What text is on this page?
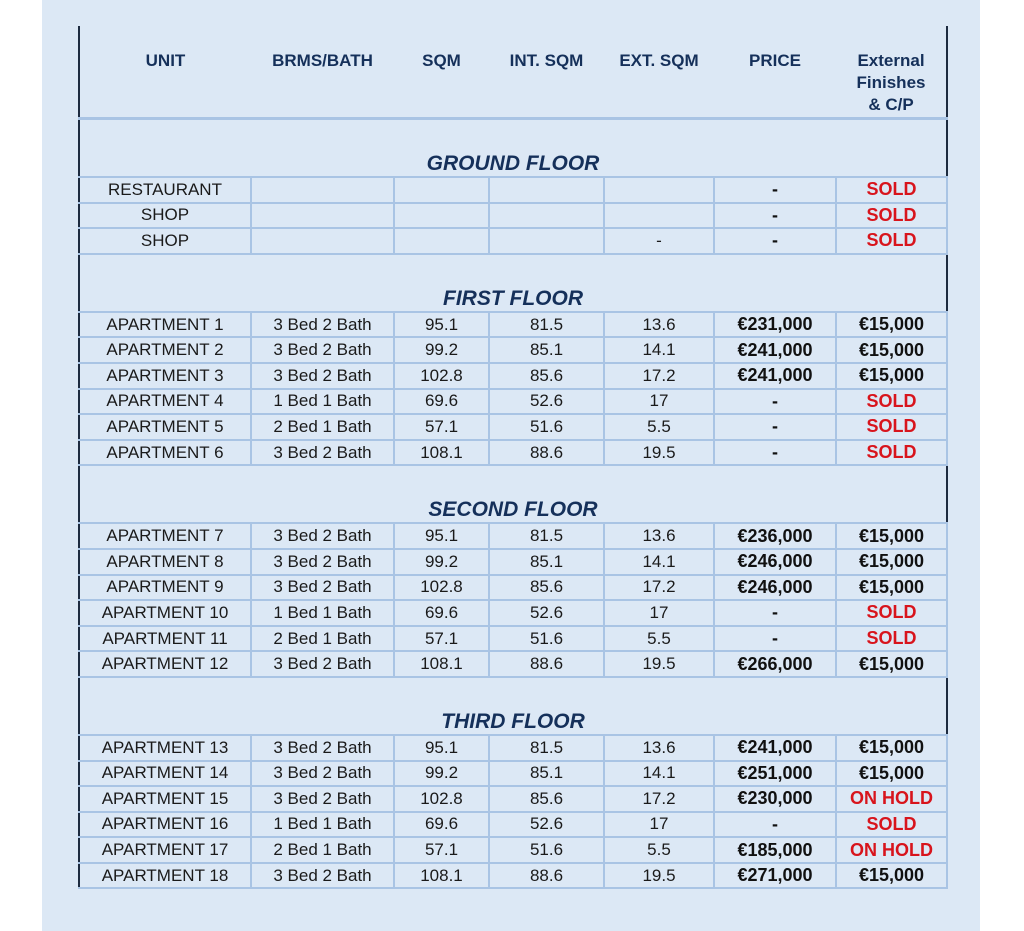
UNIT	BRMS/BATH	SQM	INT. SQM	EXT. SQM	PRICE	External
Finishes
& C/P

GROUND FLOOR						
RESTAURANT					-	SOLD
SHOP					-	SOLD
SHOP				-	-	SOLD

FIRST FLOOR						
APARTMENT 1	3 Bed 2 Bath	95.1	81.5	13.6	€231,000	€15,000
APARTMENT 2	3 Bed 2 Bath	99.2	85.1	14.1	€241,000	€15,000
APARTMENT 3	3 Bed 2 Bath	102.8	85.6	17.2	€241,000	€15,000
APARTMENT 4	1 Bed 1 Bath	69.6	52.6	17	-	SOLD
APARTMENT 5	2 Bed 1 Bath	57.1	51.6	5.5	-	SOLD
APARTMENT 6	3 Bed 2 Bath	108.1	88.6	19.5	-	SOLD

SECOND FLOOR						
APARTMENT 7	3 Bed 2 Bath	95.1	81.5	13.6	€236,000	€15,000
APARTMENT 8	3 Bed 2 Bath	99.2	85.1	14.1	€246,000	€15,000
APARTMENT 9	3 Bed 2 Bath	102.8	85.6	17.2	€246,000	€15,000
APARTMENT 10	1 Bed 1 Bath	69.6	52.6	17	-	SOLD
APARTMENT 11	2 Bed 1 Bath	57.1	51.6	5.5	-	SOLD
APARTMENT 12	3 Bed 2 Bath	108.1	88.6	19.5	€266,000	€15,000

THIRD FLOOR						
APARTMENT 13	3 Bed 2 Bath	95.1	81.5	13.6	€241,000	€15,000
APARTMENT 14	3 Bed 2 Bath	99.2	85.1	14.1	€251,000	€15,000
APARTMENT 15	3 Bed 2 Bath	102.8	85.6	17.2	€230,000	ON HOLD
APARTMENT 16	1 Bed 1 Bath	69.6	52.6	17	-	SOLD
APARTMENT 17	2 Bed 1 Bath	57.1	51.6	5.5	€185,000	ON HOLD
APARTMENT 18	3 Bed 2 Bath	108.1	88.6	19.5	€271,000	€15,000
